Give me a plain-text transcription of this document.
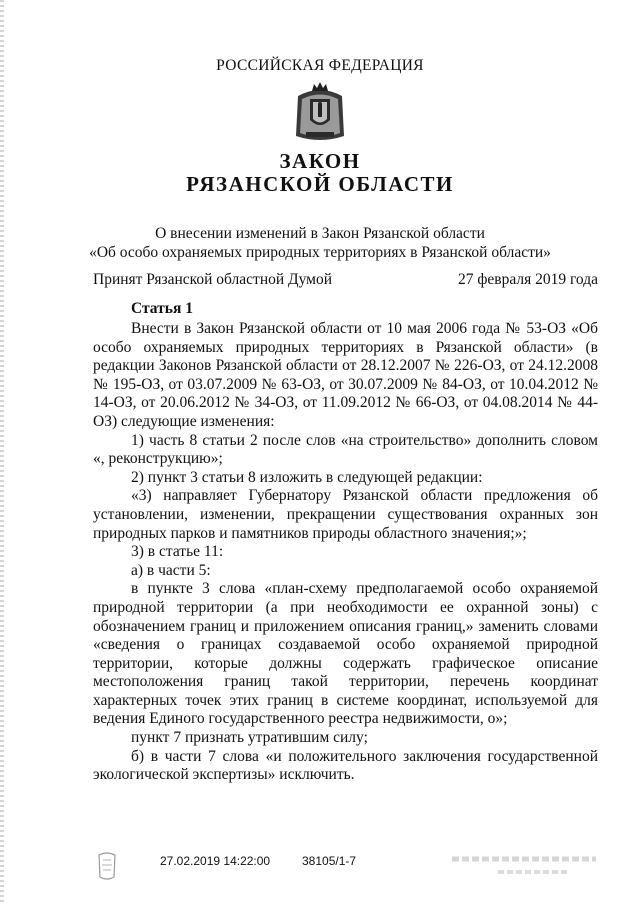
РОССИЙСКАЯ ФЕДЕРАЦИЯ
ЗАКОН
РЯЗАНСКОЙ ОБЛАСТИ
О внесении изменений в Закон Рязанской области
«Об особо охраняемых природных территориях в Рязанской области»
Принят Рязанской областной Думой	27 февраля 2019 года
Статья 1

Внести в Закон Рязанской области от 10 мая 2006 года № 53-ОЗ «Об особо охраняемых природных территориях в Рязанской области» (в редакции Законов Рязанской области от 28.12.2007 № 226-ОЗ, от 24.12.2008 № 195-ОЗ, от 03.07.2009 № 63-ОЗ, от 30.07.2009 № 84-ОЗ, от 10.04.2012 № 14-ОЗ, от 20.06.2012 № 34-ОЗ, от 11.09.2012 № 66-ОЗ, от 04.08.2014 № 44-ОЗ) следующие изменения:

1) часть 8 статьи 2 после слов «на строительство» дополнить словом «, реконструкцию»;

2) пункт 3 статьи 8 изложить в следующей редакции:

«3) направляет Губернатору Рязанской области предложения об установлении, изменении, прекращении существования охранных зон природных парков и памятников природы областного значения;»;

3) в статье 11:

а) в части 5:

в пункте 3 слова «план-схему предполагаемой особо охраняемой природной территории (а при необходимости ее охранной зоны) с обозначением границ и приложением описания границ,» заменить словами «сведения о границах создаваемой особо охраняемой природной территории, которые должны содержать графическое описание местоположения границ такой территории, перечень координат характерных точек этих границ в системе координат, используемой для ведения Единого государственного реестра недвижимости, о»;

пункт 7 признать утратившим силу;

б) в части 7 слова «и положительного заключения государственной экологической экспертизы» исключить.

27.02.2019 14:22:00	38105/1-7
